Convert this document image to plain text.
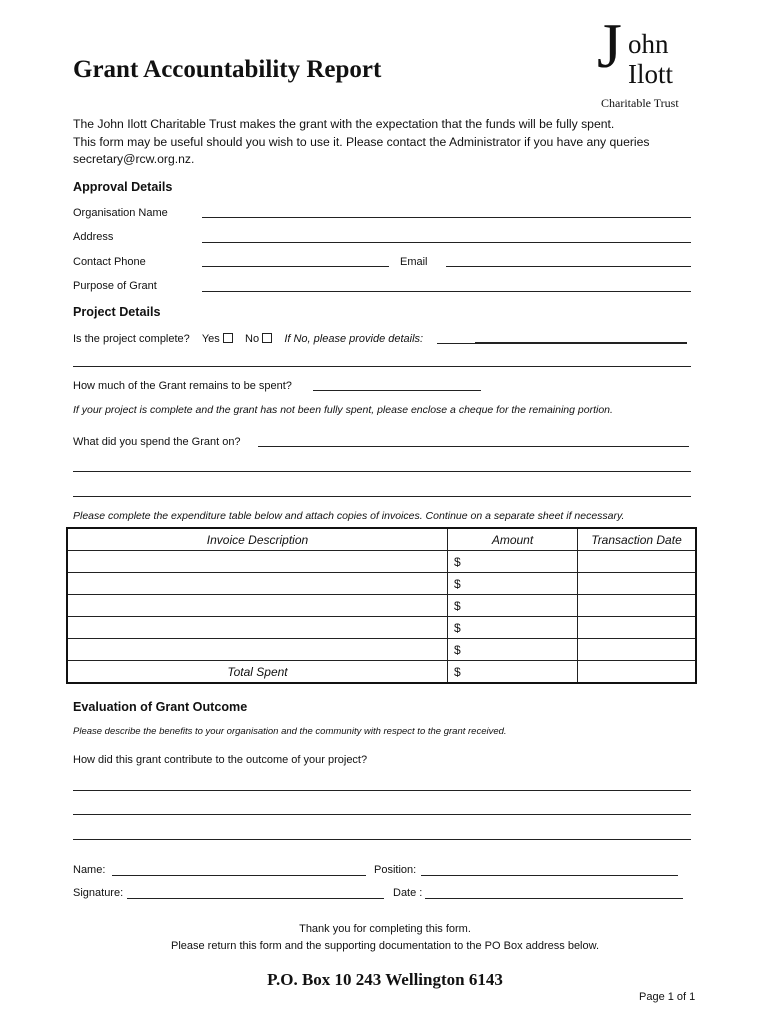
J ohn
Ilott
Charitable Trust
Grant Accountability Report
The John Ilott Charitable Trust makes the grant with the expectation that the funds will be fully spent.
This form may be useful should you wish to use it. Please contact the Administrator if you have any queries
secretary@rcw.org.nz.
Approval Details
Organisation Name
Address
Contact Phone	Email
Purpose of Grant
Project Details
Is the project complete? Yes No If No, please provide details:
How much of the Grant remains to be spent?
If your project is complete and the grant has not been fully spent, please enclose a cheque for the remaining portion.
What did you spend the Grant on?
Please complete the expenditure table below and attach copies of invoices. Continue on a separate sheet if necessary.
Invoice Description	Amount	Transaction Date
	$	
	$	
	$	
	$	
	$	
Total Spent	$	
Evaluation of Grant Outcome
Please describe the benefits to your organisation and the community with respect to the grant received.
How did this grant contribute to the outcome of your project?
Name:	Position:
Signature:	Date :
Thank you for completing this form.
Please return this form and the supporting documentation to the PO Box address below.
P.O. Box 10 243 Wellington 6143
Page 1 of 1
